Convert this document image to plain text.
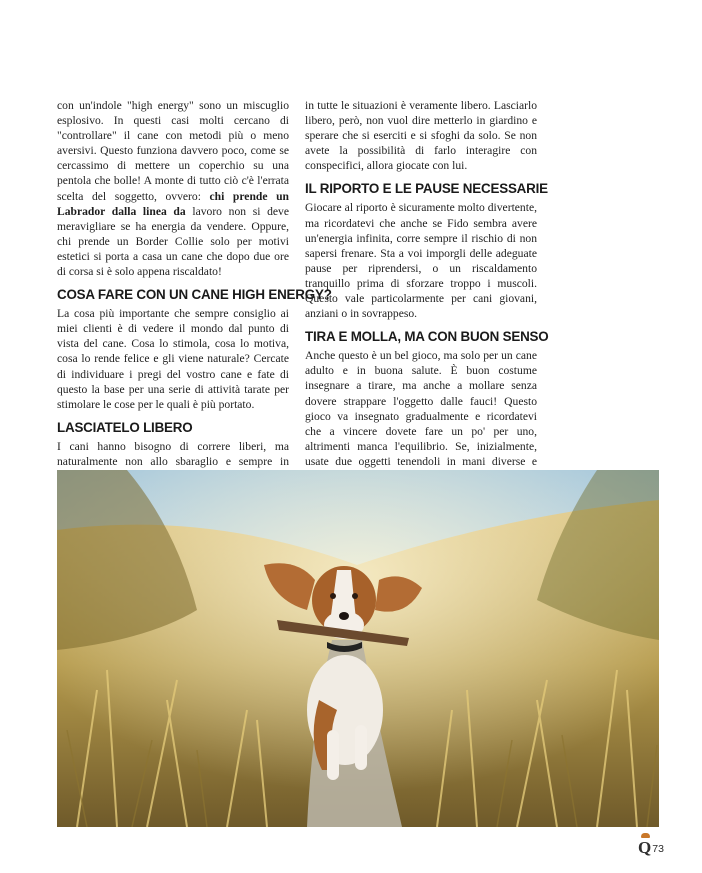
con un'indole "high energy" sono un miscuglio esplosivo. In questi casi molti cercano di "controllare" il cane con metodi più o meno aversivi. Questo funziona davvero poco, come se cercassimo di mettere un coperchio su una pentola che bolle! A monte di tutto ciò c'è l'errata scelta del soggetto, ovvero: chi prende un Labrador dalla linea da lavoro non si deve meravigliare se ha energia da vendere. Oppure, chi prende un Border Collie solo per motivi estetici si porta a casa un cane che dopo due ore di corsa si è solo appena riscaldato!

COSA FARE CON UN CANE HIGH ENERGY?

La cosa più importante che sempre consiglio ai miei clienti è di vedere il mondo dal punto di vista del cane. Cosa lo stimola, cosa lo motiva, cosa lo rende felice e gli viene naturale? Cercate di individuare i pregi del vostro cane e fate di questo la base per una serie di attività tarate per stimolare le cose per le quali è più portato.

LASCIATELO LIBERO

I cani hanno bisogno di correre liberi, ma naturalmente non allo sbaraglio e sempre in

in tutte le situazioni è veramente libero. Lasciarlo libero, però, non vuol dire metterlo in giardino e sperare che si eserciti e si sfoghi da solo. Se non avete la possibilità di farlo interagire con conspecifici, allora giocate con lui.

IL RIPORTO E LE PAUSE NECESSARIE

Giocare al riporto è sicuramente molto divertente, ma ricordatevi che anche se Fido sembra avere un'energia infinita, corre sempre il rischio di non sapersi frenare. Sta a voi imporgli delle adeguate pause per riprendersi, o un riscaldamento tranquillo prima di sforzare troppo i muscoli. Questo vale particolarmente per cani giovani, anziani o in sovrappeso.

TIRA E MOLLA, MA CON BUON SENSO

Anche questo è un bel gioco, ma solo per un cane adulto e in buona salute. È buon costume insegnare a tirare, ma anche a mollare senza dovere strappare l'oggetto dalle fauci! Questo gioco va insegnato gradualmente e ricordatevi che a vincere dovete fare un po' per uno, altrimenti manca l'equilibrio. Se, inizialmente, usate due oggetti tenendoli in mani diverse e

Q 73
